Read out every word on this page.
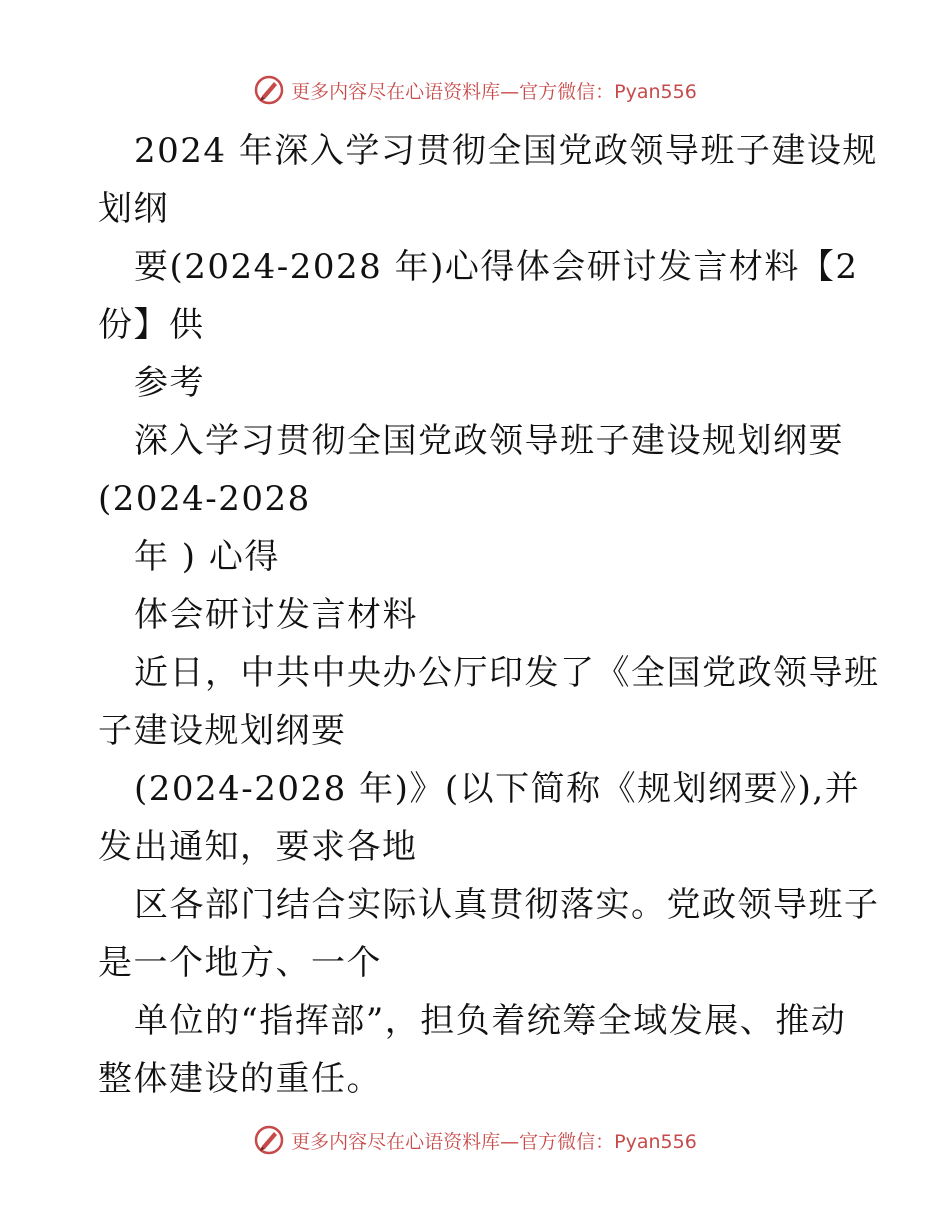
更多内容尽在心语资料库—官方微信：Pyan556
2024 年深入学习贯彻全国党政领导班子建设规
划纲
要(2024-2028 年)心得体会研讨发言材料【2
份】供
参考
深入学习贯彻全国党政领导班子建设规划纲要
(2024-2028
年 ) 心得
体会研讨发言材料
近日，中共中央办公厅印发了《全国党政领导班
子建设规划纲要
(2024-2028 年)》(以下简称《规划纲要》),并
发出通知，要求各地
区各部门结合实际认真贯彻落实。党政领导班子
是一个地方、一个
单位的“指挥部”，担负着统筹全域发展、推动
整体建设的重任。
更多内容尽在心语资料库—官方微信：Pyan556
